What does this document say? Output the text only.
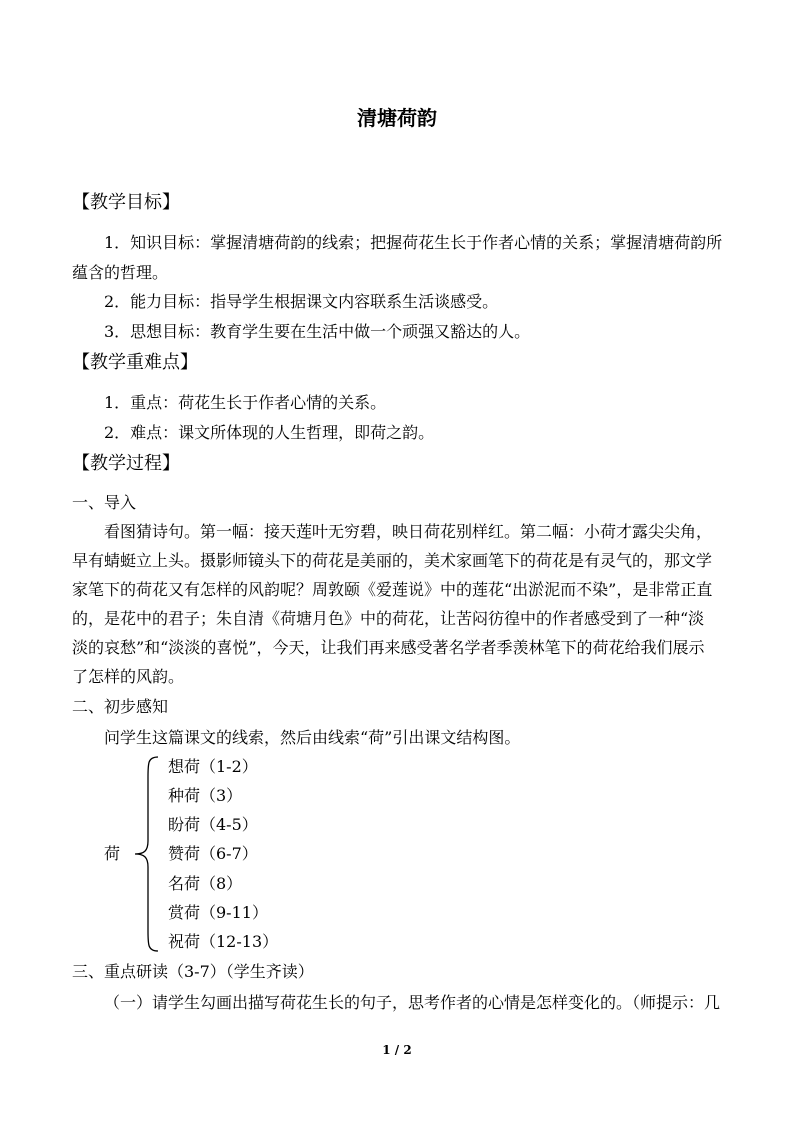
清塘荷韵
【教学目标】
1．知识目标：掌握清塘荷韵的线索；把握荷花生长于作者心情的关系；掌握清塘荷韵所
蕴含的哲理。
2．能力目标：指导学生根据课文内容联系生活谈感受。
3．思想目标：教育学生要在生活中做一个顽强又豁达的人。
【教学重难点】
1．重点：荷花生长于作者心情的关系。
2．难点：课文所体现的人生哲理，即荷之韵。
【教学过程】
一、导入
看图猜诗句。第一幅：接天莲叶无穷碧，映日荷花别样红。第二幅：小荷才露尖尖角，
早有蜻蜓立上头。摄影师镜头下的荷花是美丽的，美术家画笔下的荷花是有灵气的，那文学
家笔下的荷花又有怎样的风韵呢？周敦颐《爱莲说》中的莲花“出淤泥而不染”，是非常正直
的，是花中的君子；朱自清《荷塘月色》中的荷花，让苦闷彷徨中的作者感受到了一种“淡
淡的哀愁”和“淡淡的喜悦”，今天，让我们再来感受著名学者季羡林笔下的荷花给我们展示
了怎样的风韵。
二、初步感知
问学生这篇课文的线索，然后由线索“荷”引出课文结构图。
荷
想荷（1-2）
种荷（3）
盼荷（4-5）
赞荷（6-7）
名荷（8）
赏荷（9-11）
祝荷（12-13）
三、重点研读（3-7）（学生齐读）
（一）请学生勾画出描写荷花生长的句子，思考作者的心情是怎样变化的。（师提示：几
1 / 2
